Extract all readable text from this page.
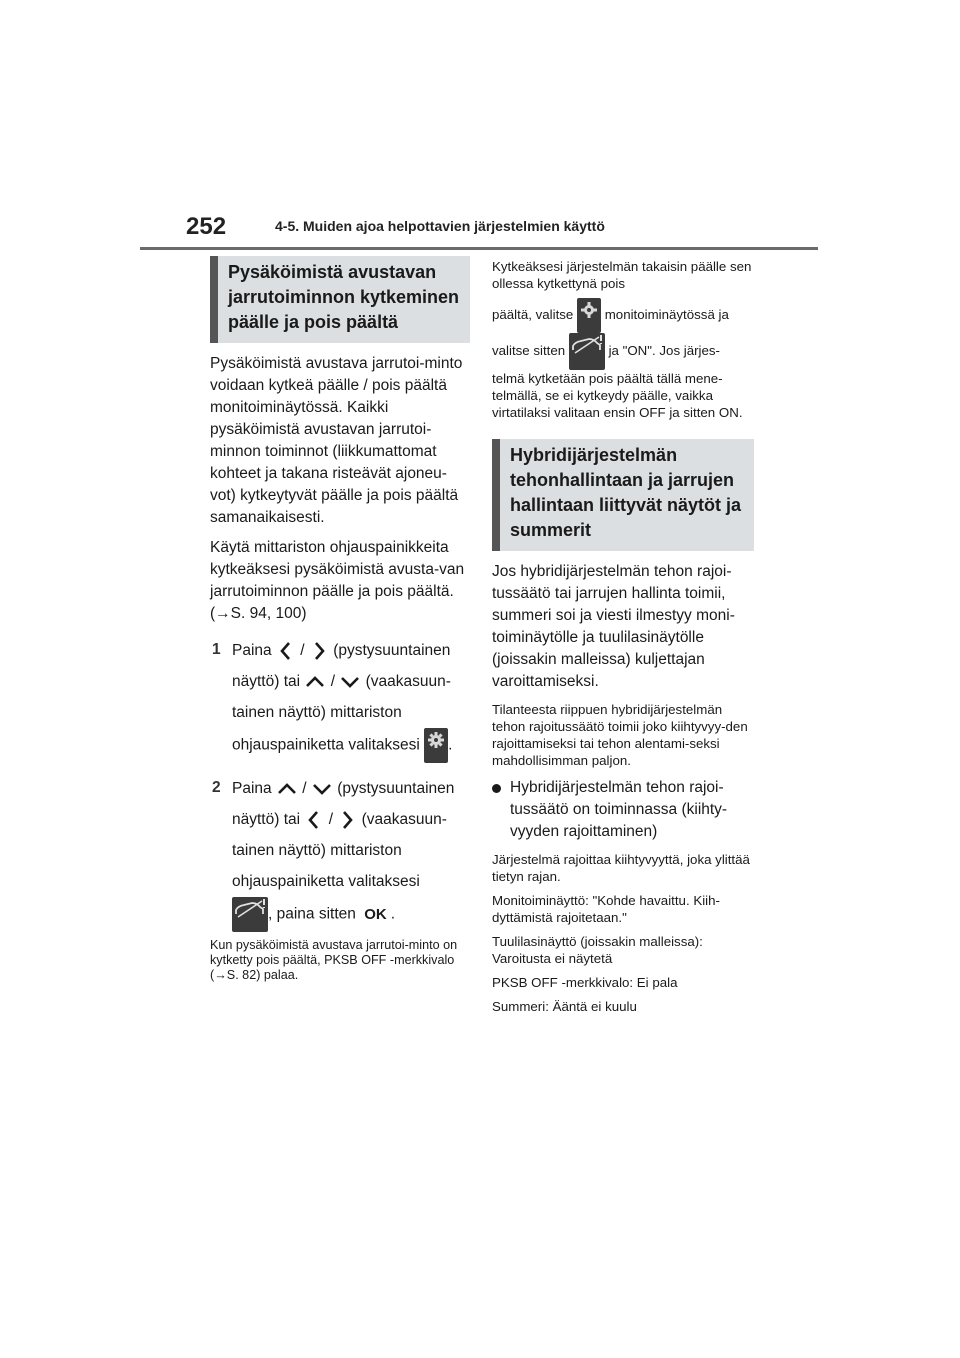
252	4-5. Muiden ajoa helpottavien järjestelmien käyttö
Pysäköimistä avustavan jarrutoiminnon kytkeminen päälle ja pois päältä

Pysäköimistä avustava jarrutoi-minto voidaan kytkeä päälle / pois päältä monitoiminäytössä. Kaikki pysäköimistä avustavan jarrutoi-minnon toiminnot (liikkumattomat kohteet ja takana risteävät ajoneu-vot) kytkeytyvät päälle ja pois päältä samanaikaisesti.

Käytä mittariston ohjauspainikkeita kytkeäksesi pysäköimistä avusta-van jarrutoiminnon päälle ja pois päältä. (→S. 94, 100)

1 Paina / (pystysuuntainen
näyttö) tai / (vaakasuun-
tainen näyttö) mittariston
ohjauspainiketta valitaksesi .
2 Paina / (pystysuuntainen
näyttö) tai / (vaakasuun-
tainen näyttö) mittariston
ohjauspainiketta valitaksesi
, paina sitten OK .

Kun pysäköimistä avustava jarrutoi-minto on kytketty pois päältä, PKSB OFF -merkkivalo (→S. 82) palaa.

Kytkeäksesi järjestelmän takaisin päälle sen ollessa kytkettynä pois

päältä, valitse monitoiminäytössä ja
valitse sitten	ja "ON". Jos järjes-

telmä kytketään pois päältä tällä mene-telmällä, se ei kytkeydy päälle, vaikka virtatilaksi valitaan ensin OFF ja sitten ON.

Hybridijärjestelmän tehonhallintaan ja jarrujen hallintaan liittyvät näytöt ja summerit

Jos hybridijärjestelmän tehon rajoi-tussäätö tai jarrujen hallinta toimii, summeri soi ja viesti ilmestyy moni-toiminäytölle ja tuulilasinäytölle (joissakin malleissa) kuljettajan varoittamiseksi.

Tilanteesta riippuen hybridijärjestelmän tehon rajoitussäätö toimii joko kiihtyvyy-den rajoittamiseksi tai tehon alentami-seksi mahdollisimman paljon.

Hybridijärjestelmän tehon rajoi-tussäätö on toiminnassa (kiihty-vyyden rajoittaminen)

Järjestelmä rajoittaa kiihtyvyyttä, joka ylittää tietyn rajan.

Monitoiminäyttö: "Kohde havaittu. Kiih-dyttämistä rajoitetaan."

Tuulilasinäyttö (joissakin malleissa): Varoitusta ei näytetä

PKSB OFF -merkkivalo: Ei pala

Summeri: Ääntä ei kuulu
